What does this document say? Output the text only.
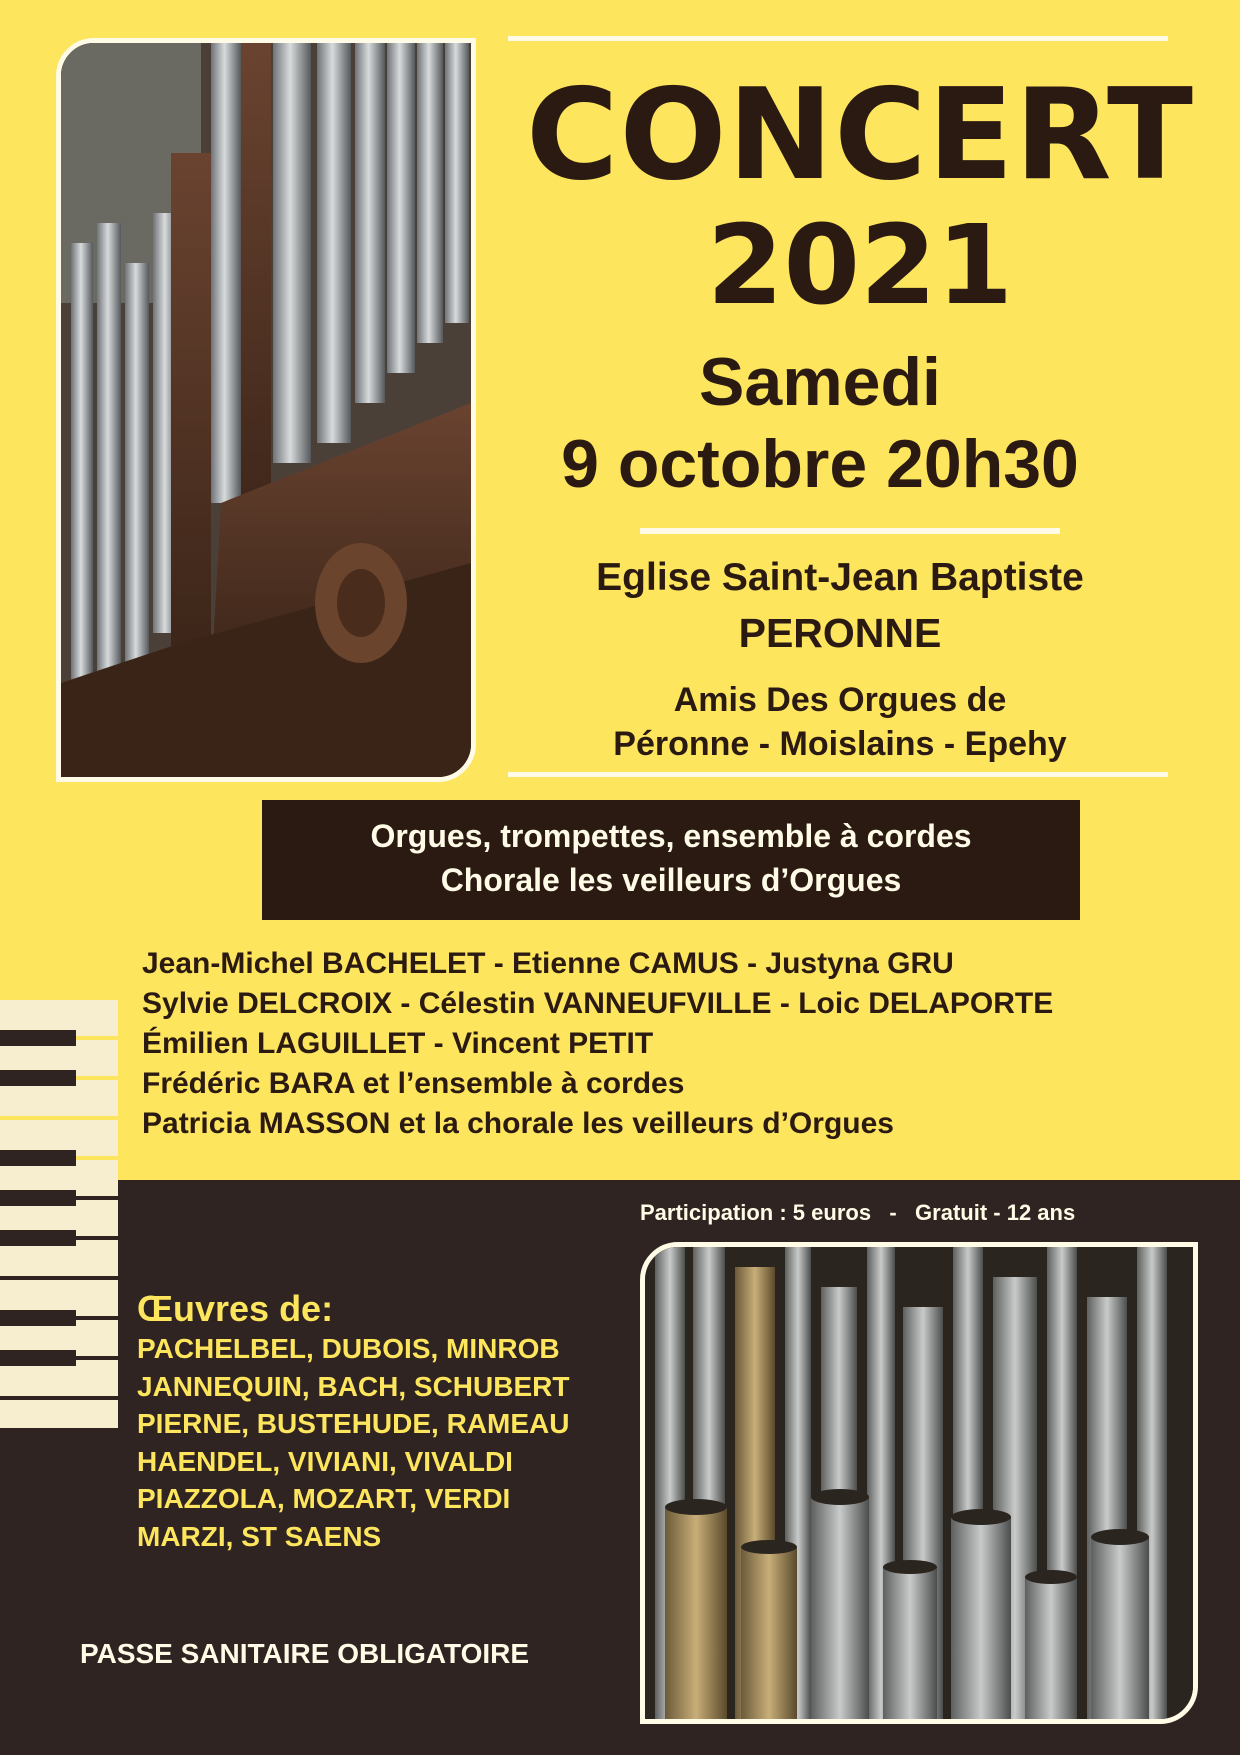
CONCERT
2021
Samedi
9 octobre 20h30
Eglise Saint-Jean Baptiste
PERONNE
Amis Des Orgues de
Péronne - Moislains - Epehy
Orgues, trompettes, ensemble à cordes
Chorale les veilleurs d’Orgues
Jean-Michel BACHELET - Etienne CAMUS - Justyna GRU
Sylvie DELCROIX - Célestin VANNEUFVILLE - Loic DELAPORTE
Émilien LAGUILLET - Vincent PETIT
Frédéric BARA et l’ensemble à cordes
Patricia MASSON et la chorale les veilleurs d’Orgues
Participation : 5 euros   -   Gratuit - 12 ans
Œuvres de:
PACHELBEL, DUBOIS, MINROB
JANNEQUIN, BACH, SCHUBERT
PIERNE, BUSTEHUDE, RAMEAU
HAENDEL, VIVIANI, VIVALDI
PIAZZOLA, MOZART, VERDI
MARZI, ST SAENS
PASSE SANITAIRE OBLIGATOIRE
